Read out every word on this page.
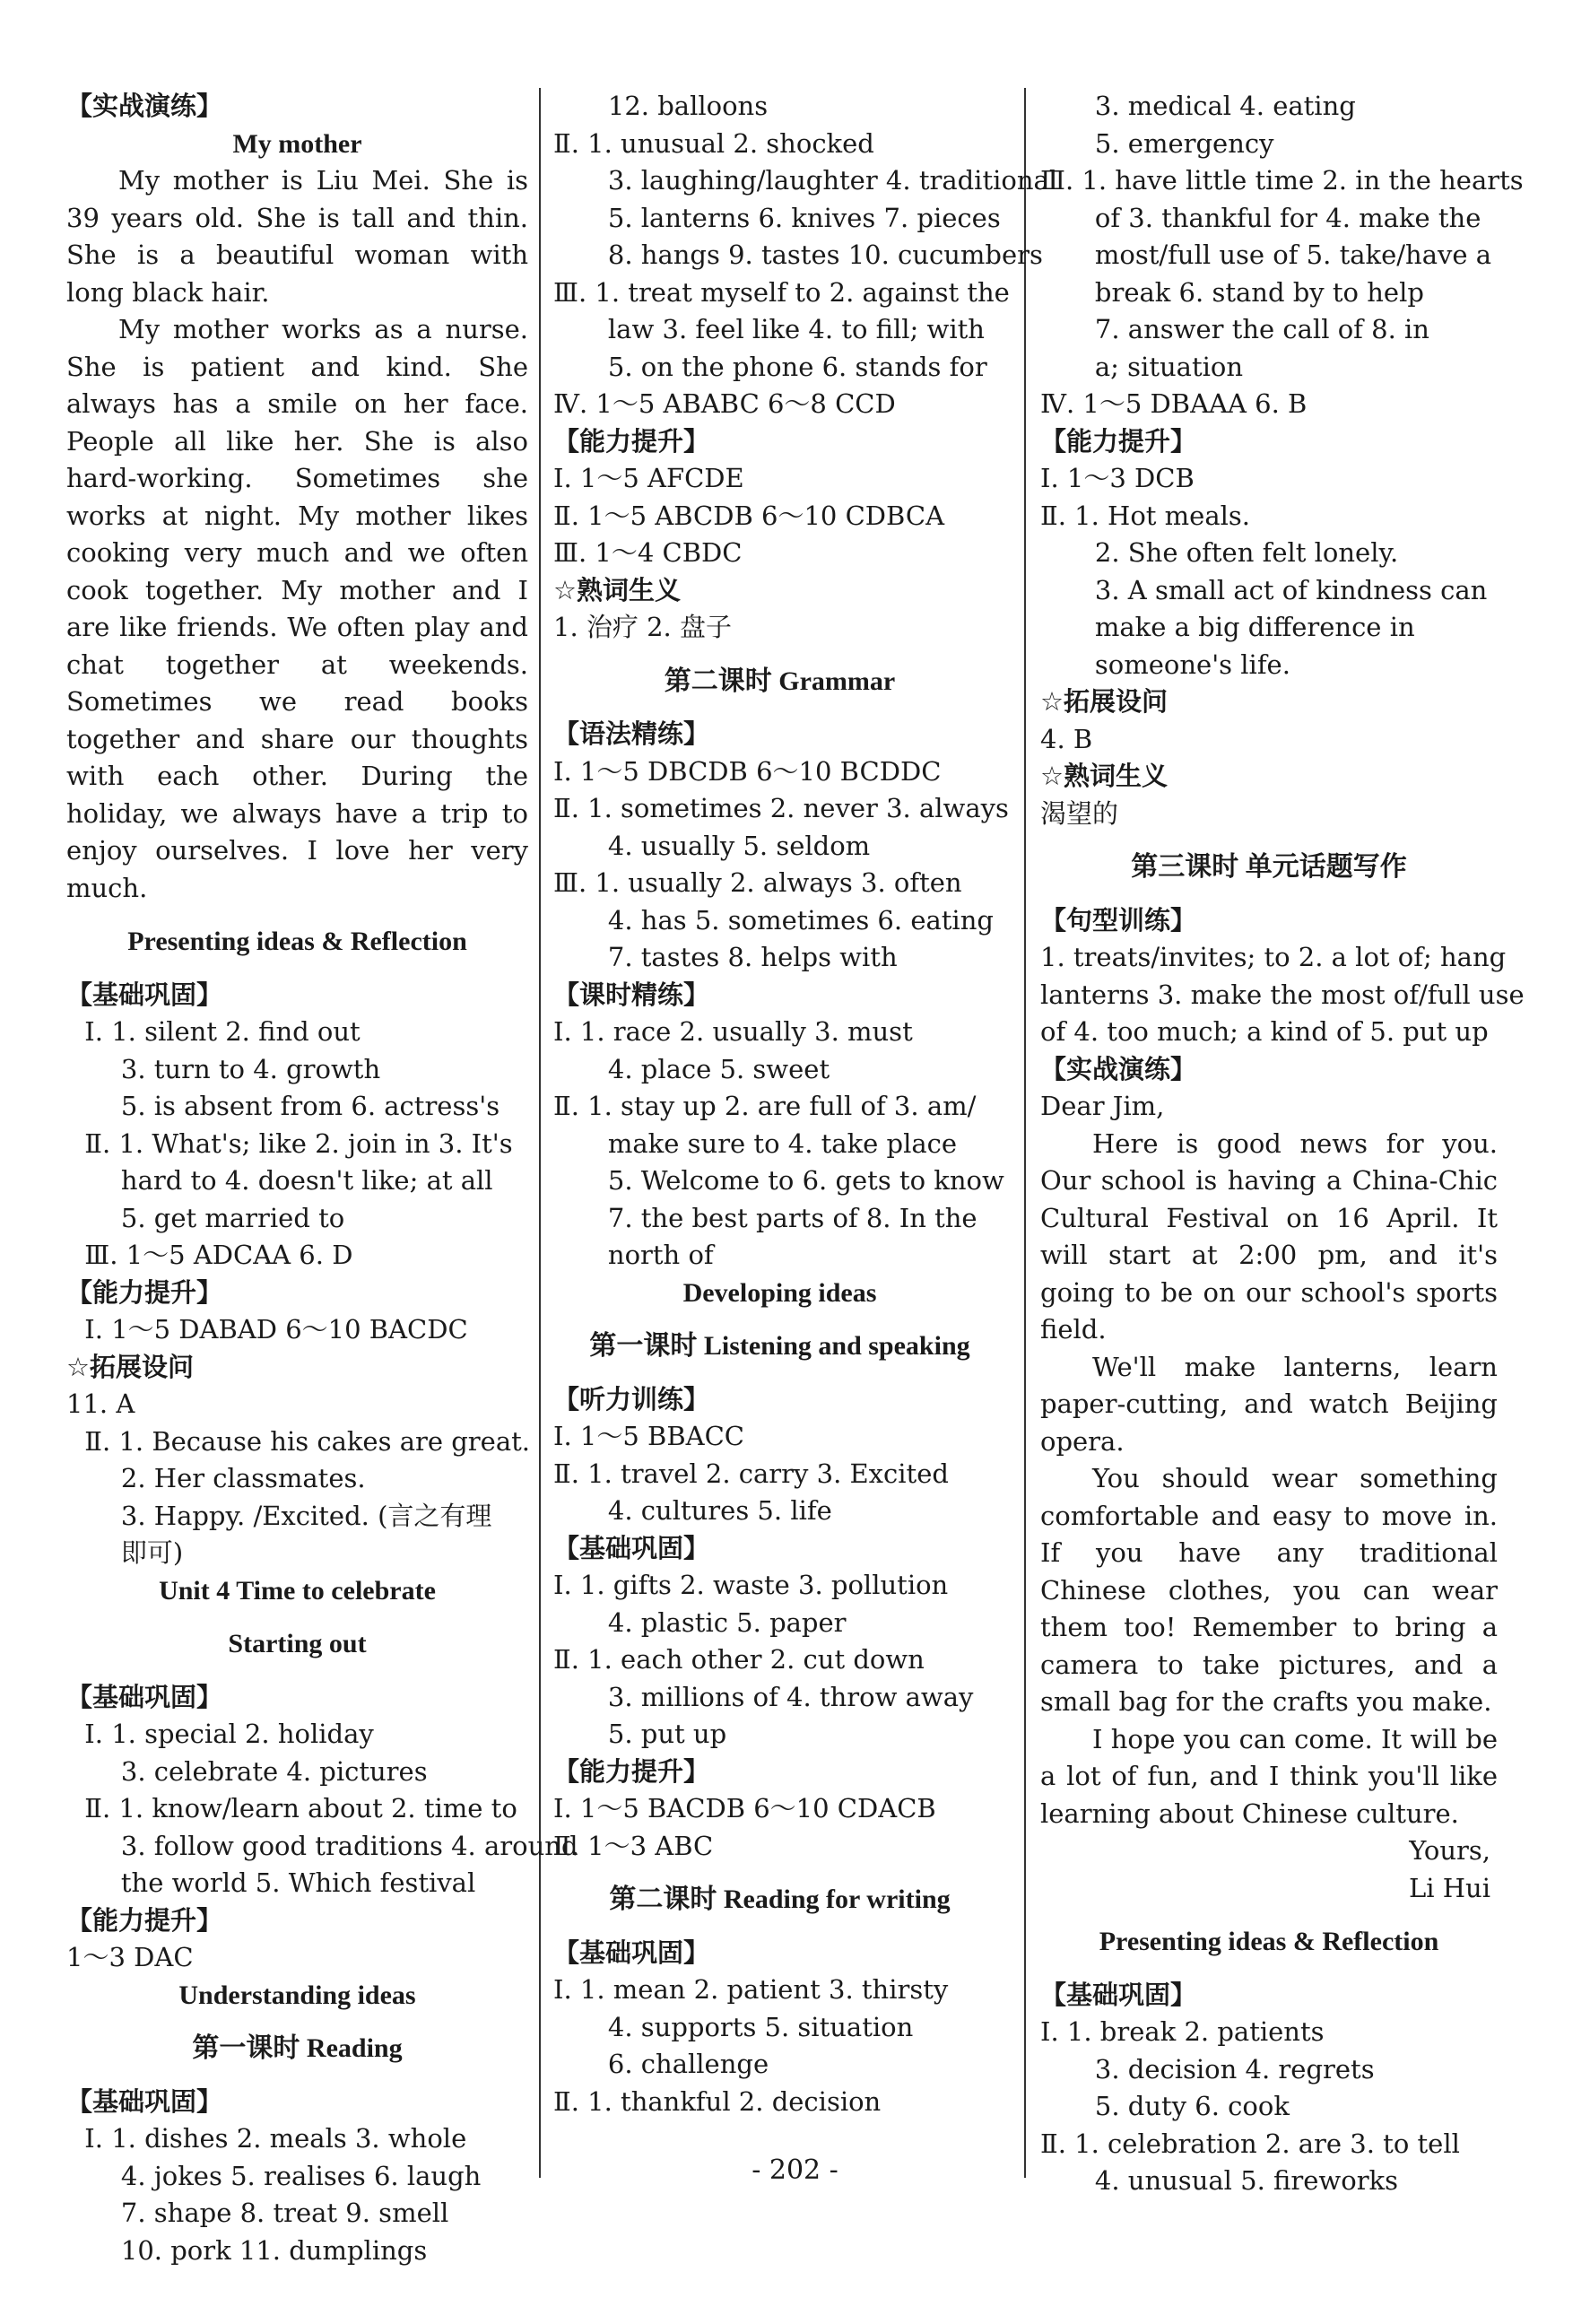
【实战演练】
My mother

My mother is Liu Mei. She is 39 years old. She is tall and thin. She is a beautiful woman with long black hair.

My mother works as a nurse. She is patient and kind. She always has a smile on her face. People all like her. She is also hard-working. Sometimes she works at night. My mother likes cooking very much and we often cook together. My mother and I are like friends. We often play and chat together at weekends. Sometimes we read books together and share our thoughts with each other. During the holiday, we always have a trip to enjoy ourselves. I love her very much.

Presenting ideas & Reflection
【基础巩固】
Ⅰ. 1. silent 2. find out
3. turn to 4. growth
5. is absent from 6. actress's
Ⅱ. 1. What's; like 2. join in 3. It's
hard to 4. doesn't like; at all
5. get married to
Ⅲ. 1～5 ADCAA 6. D
【能力提升】
Ⅰ. 1～5 DABAD 6～10 BACDC
☆拓展设问
11. A
Ⅱ. 1. Because his cakes are great.
2. Her classmates.
3. Happy. /Excited. (言之有理
即可)
Unit 4 Time to celebrate
Starting out
【基础巩固】
Ⅰ. 1. special 2. holiday
3. celebrate 4. pictures
Ⅱ. 1. know/learn about 2. time to
3. follow good traditions 4. around
the world 5. Which festival
【能力提升】
1～3 DAC
Understanding ideas
第一课时 Reading
【基础巩固】
Ⅰ. 1. dishes 2. meals 3. whole
4. jokes 5. realises 6. laugh
7. shape 8. treat 9. smell
10. pork 11. dumplings
12. balloons
Ⅱ. 1. unusual 2. shocked
3. laughing/laughter 4. traditional
5. lanterns 6. knives 7. pieces
8. hangs 9. tastes 10. cucumbers
Ⅲ. 1. treat myself to 2. against the
law 3. feel like 4. to fill; with
5. on the phone 6. stands for
Ⅳ. 1～5 ABABC 6～8 CCD
【能力提升】
Ⅰ. 1～5 AFCDE
Ⅱ. 1～5 ABCDB 6～10 CDBCA
Ⅲ. 1～4 CBDC
☆熟词生义
1. 治疗 2. 盘子
第二课时 Grammar
【语法精练】
Ⅰ. 1～5 DBCDB 6～10 BCDDC
Ⅱ. 1. sometimes 2. never 3. always
4. usually 5. seldom
Ⅲ. 1. usually 2. always 3. often
4. has 5. sometimes 6. eating
7. tastes 8. helps with
【课时精练】
Ⅰ. 1. race 2. usually 3. must
4. place 5. sweet
Ⅱ. 1. stay up 2. are full of 3. am/
make sure to 4. take place
5. Welcome to 6. gets to know
7. the best parts of 8. In the
north of
Developing ideas
第一课时 Listening and speaking
【听力训练】
Ⅰ. 1～5 BBACC
Ⅱ. 1. travel 2. carry 3. Excited
4. cultures 5. life
【基础巩固】
Ⅰ. 1. gifts 2. waste 3. pollution
4. plastic 5. paper
Ⅱ. 1. each other 2. cut down
3. millions of 4. throw away
5. put up
【能力提升】
Ⅰ. 1～5 BACDB 6～10 CDACB
Ⅱ. 1～3 ABC
第二课时 Reading for writing
【基础巩固】
Ⅰ. 1. mean 2. patient 3. thirsty
4. supports 5. situation
6. challenge
Ⅱ. 1. thankful 2. decision
3. medical 4. eating
5. emergency
Ⅲ. 1. have little time 2. in the hearts
of 3. thankful for 4. make the
most/full use of 5. take/have a
break 6. stand by to help
7. answer the call of 8. in
a; situation
Ⅳ. 1～5 DBAAA 6. B
【能力提升】
Ⅰ. 1～3 DCB
Ⅱ. 1. Hot meals.
2. She often felt lonely.
3. A small act of kindness can
make a big difference in
someone's life.
☆拓展设问
4. B
☆熟词生义
渴望的
第三课时 单元话题写作
【句型训练】
1. treats/invites; to 2. a lot of; hang
lanterns 3. make the most of/full use
of 4. too much; a kind of 5. put up
【实战演练】
Dear Jim,

Here is good news for you. Our school is having a China-Chic Cultural Festival on 16 April. It will start at 2:00 pm, and it's going to be on our school's sports field.

We'll make lanterns, learn paper-cutting, and watch Beijing opera.

You should wear something comfortable and easy to move in. If you have any traditional Chinese clothes, you can wear them too! Remember to bring a camera to take pictures, and a small bag for the crafts you make.

I hope you can come. It will be a lot of fun, and I think you'll like learning about Chinese culture.

Yours,
Li Hui
Presenting ideas & Reflection
【基础巩固】
Ⅰ. 1. break 2. patients
3. decision 4. regrets
5. duty 6. cook
Ⅱ. 1. celebration 2. are 3. to tell
4. unusual 5. fireworks
- 202 -
